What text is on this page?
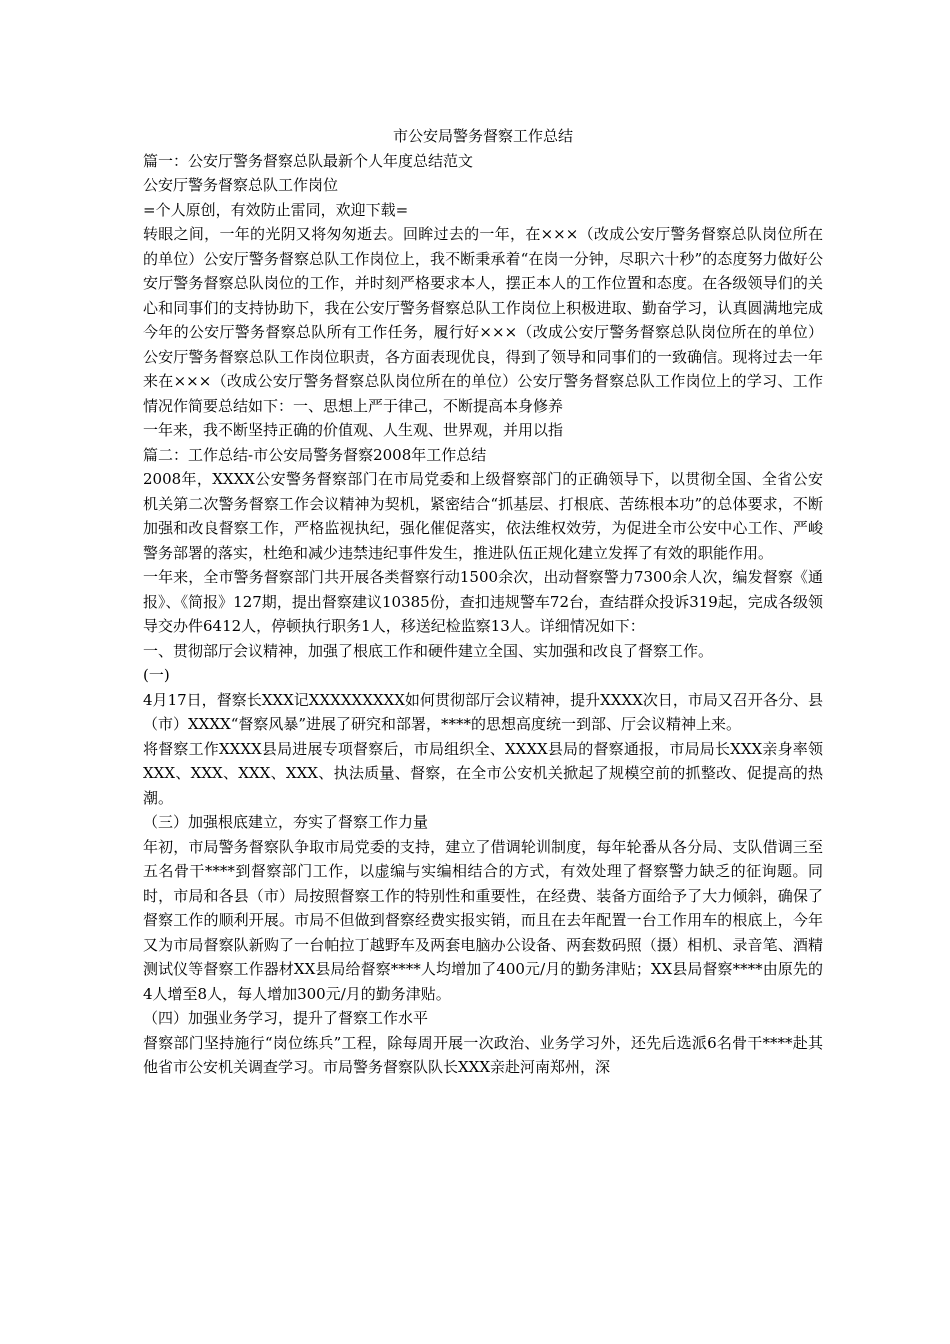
市公安局警务督察工作总结

篇一：公安厅警务督察总队最新个人年度总结范文

公安厅警务督察总队工作岗位

=个人原创，有效防止雷同，欢迎下载=

转眼之间，一年的光阴又将匆匆逝去。回眸过去的一年，在×××（改成公安厅警务督察总队岗位所在的单位）公安厅警务督察总队工作岗位上，我不断秉承着“在岗一分钟，尽职六十秒”的态度努力做好公安厅警务督察总队岗位的工作，并时刻严格要求本人，摆正本人的工作位置和态度。在各级领导们的关心和同事们的支持协助下，我在公安厅警务督察总队工作岗位上积极进取、勤奋学习，认真圆满地完成今年的公安厅警务督察总队所有工作任务，履行好×××（改成公安厅警务督察总队岗位所在的单位）公安厅警务督察总队工作岗位职责，各方面表现优良，得到了领导和同事们的一致确信。现将过去一年来在×××（改成公安厅警务督察总队岗位所在的单位）公安厅警务督察总队工作岗位上的学习、工作情况作简要总结如下：一、思想上严于律己，不断提高本身修养

一年来，我不断坚持正确的价值观、人生观、世界观，并用以指

篇二：工作总结-市公安局警务督察2008年工作总结

2008年，XXXX公安警务督察部门在市局党委和上级督察部门的正确领导下，以贯彻全国、全省公安机关第二次警务督察工作会议精神为契机，紧密结合“抓基层、打根底、苦练根本功”的总体要求，不断加强和改良督察工作，严格监视执纪，强化催促落实，依法维权效劳，为促进全市公安中心工作、严峻警务部署的落实，杜绝和减少违禁违纪事件发生，推进队伍正规化建立发挥了有效的职能作用。

一年来，全市警务督察部门共开展各类督察行动1500余次，出动督察警力7300余人次，编发督察《通报》、《简报》127期，提出督察建议10385份，查扣违规警车72台，查结群众投诉319起，完成各级领导交办件6412人，停顿执行职务1人，移送纪检监察13人。详细情况如下：

一、贯彻部厅会议精神，加强了根底工作和硬件建立全国、实加强和改良了督察工作。

(一)

4月17日，督察长XXX记XXXXXXXXX如何贯彻部厅会议精神，提升XXXX次日，市局又召开各分、县（市）XXXX“督察风暴”进展了研究和部署，****的思想高度统一到部、厅会议精神上来。

将督察工作XXXX县局进展专项督察后，市局组织全、XXXX县局的督察通报，市局局长XXX亲身率领XXX、XXX、XXX、XXX、执法质量、督察，在全市公安机关掀起了规模空前的抓整改、促提高的热潮。

（三）加强根底建立，夯实了督察工作力量

年初，市局警务督察队争取市局党委的支持，建立了借调轮训制度，每年轮番从各分局、支队借调三至五名骨干****到督察部门工作，以虚编与实编相结合的方式，有效处理了督察警力缺乏的征询题。同时，市局和各县（市）局按照督察工作的特别性和重要性，在经费、装备方面给予了大力倾斜，确保了督察工作的顺利开展。市局不但做到督察经费实报实销，而且在去年配置一台工作用车的根底上，今年又为市局督察队新购了一台帕拉丁越野车及两套电脑办公设备、两套数码照（摄）相机、录音笔、酒精测试仪等督察工作器材XX县局给督察****人均增加了400元/月的勤务津贴；XX县局督察****由原先的4人增至8人，每人增加300元/月的勤务津贴。

（四）加强业务学习，提升了督察工作水平

督察部门坚持施行“岗位练兵”工程，除每周开展一次政治、业务学习外，还先后选派6名骨干****赴其他省市公安机关调查学习。市局警务督察队队长XXX亲赴河南郑州，深
